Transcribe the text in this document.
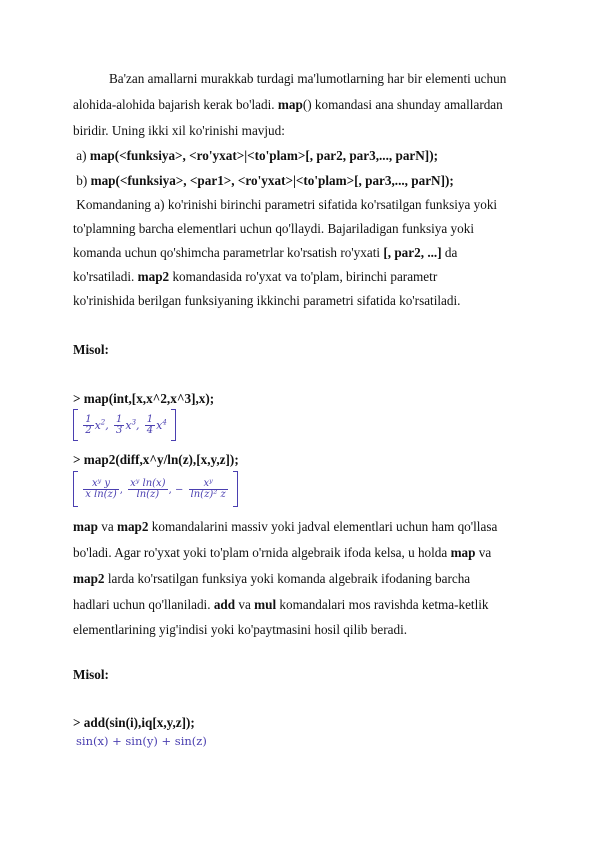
Ba'zan amallarni murakkab turdagi ma'lumotlarning har bir elementi uchun
alohida-alohida bajarish kerak bo'ladi. map() komandasi ana shunday amallardan
biridir. Uning ikki xil ko'rinishi mavjud:
a) map(<funksiya>, <ro'yxat>|<to'plam>[, par2, par3,..., parN]);
b) map(<funksiya>, <par1>, <ro'yxat>|<to'plam>[, par3,..., parN]);
Komandaning a) ko'rinishi birinchi parametri sifatida ko'rsatilgan funksiya yoki
to'plamning barcha elementlari uchun qo'llaydi. Bajariladigan funksiya yoki
komanda uchun qo'shimcha parametrlar ko'rsatish ro'yxati [, par2, ...] da
ko'rsatiladi. map2 komandasida ro'yxat va to'plam, birinchi parametr
ko'rinishida berilgan funksiyaning ikkinchi parametri sifatida ko'rsatiladi.
Misol:
> map(int,[x,x^2,x^3],x);

$\frac{1}{2} x^2$, $\frac{1}{3} x^3$, $\frac{1}{4} x^4$
> map2(diff,x^y/ln(z),[x,y,z]);

$\frac{\text{xʸ y}}{\text{x ln(z)}}$ , $\frac{\text{xʸ ln(x)}}{\ln(z)}$ , − $\frac{\text{xʸ}}{\text{ln(z)² z}}$

map va map2 komandalarini massiv yoki jadval elementlari uchun ham qo'llasa
bo'ladi. Agar ro'yxat yoki to'plam o'rnida algebraik ifoda kelsa, u holda map va
map2 larda ko'rsatilgan funksiya yoki komanda algebraik ifodaning barcha
hadlari uchun qo'llaniladi. add va mul komandalari mos ravishda ketma-ketlik
elementlarining yig'indisi yoki ko'paytmasini hosil qilib beradi.
Misol:
> add(sin(i),iq[x,y,z]);
sin(x) + sin(y) + sin(z)
